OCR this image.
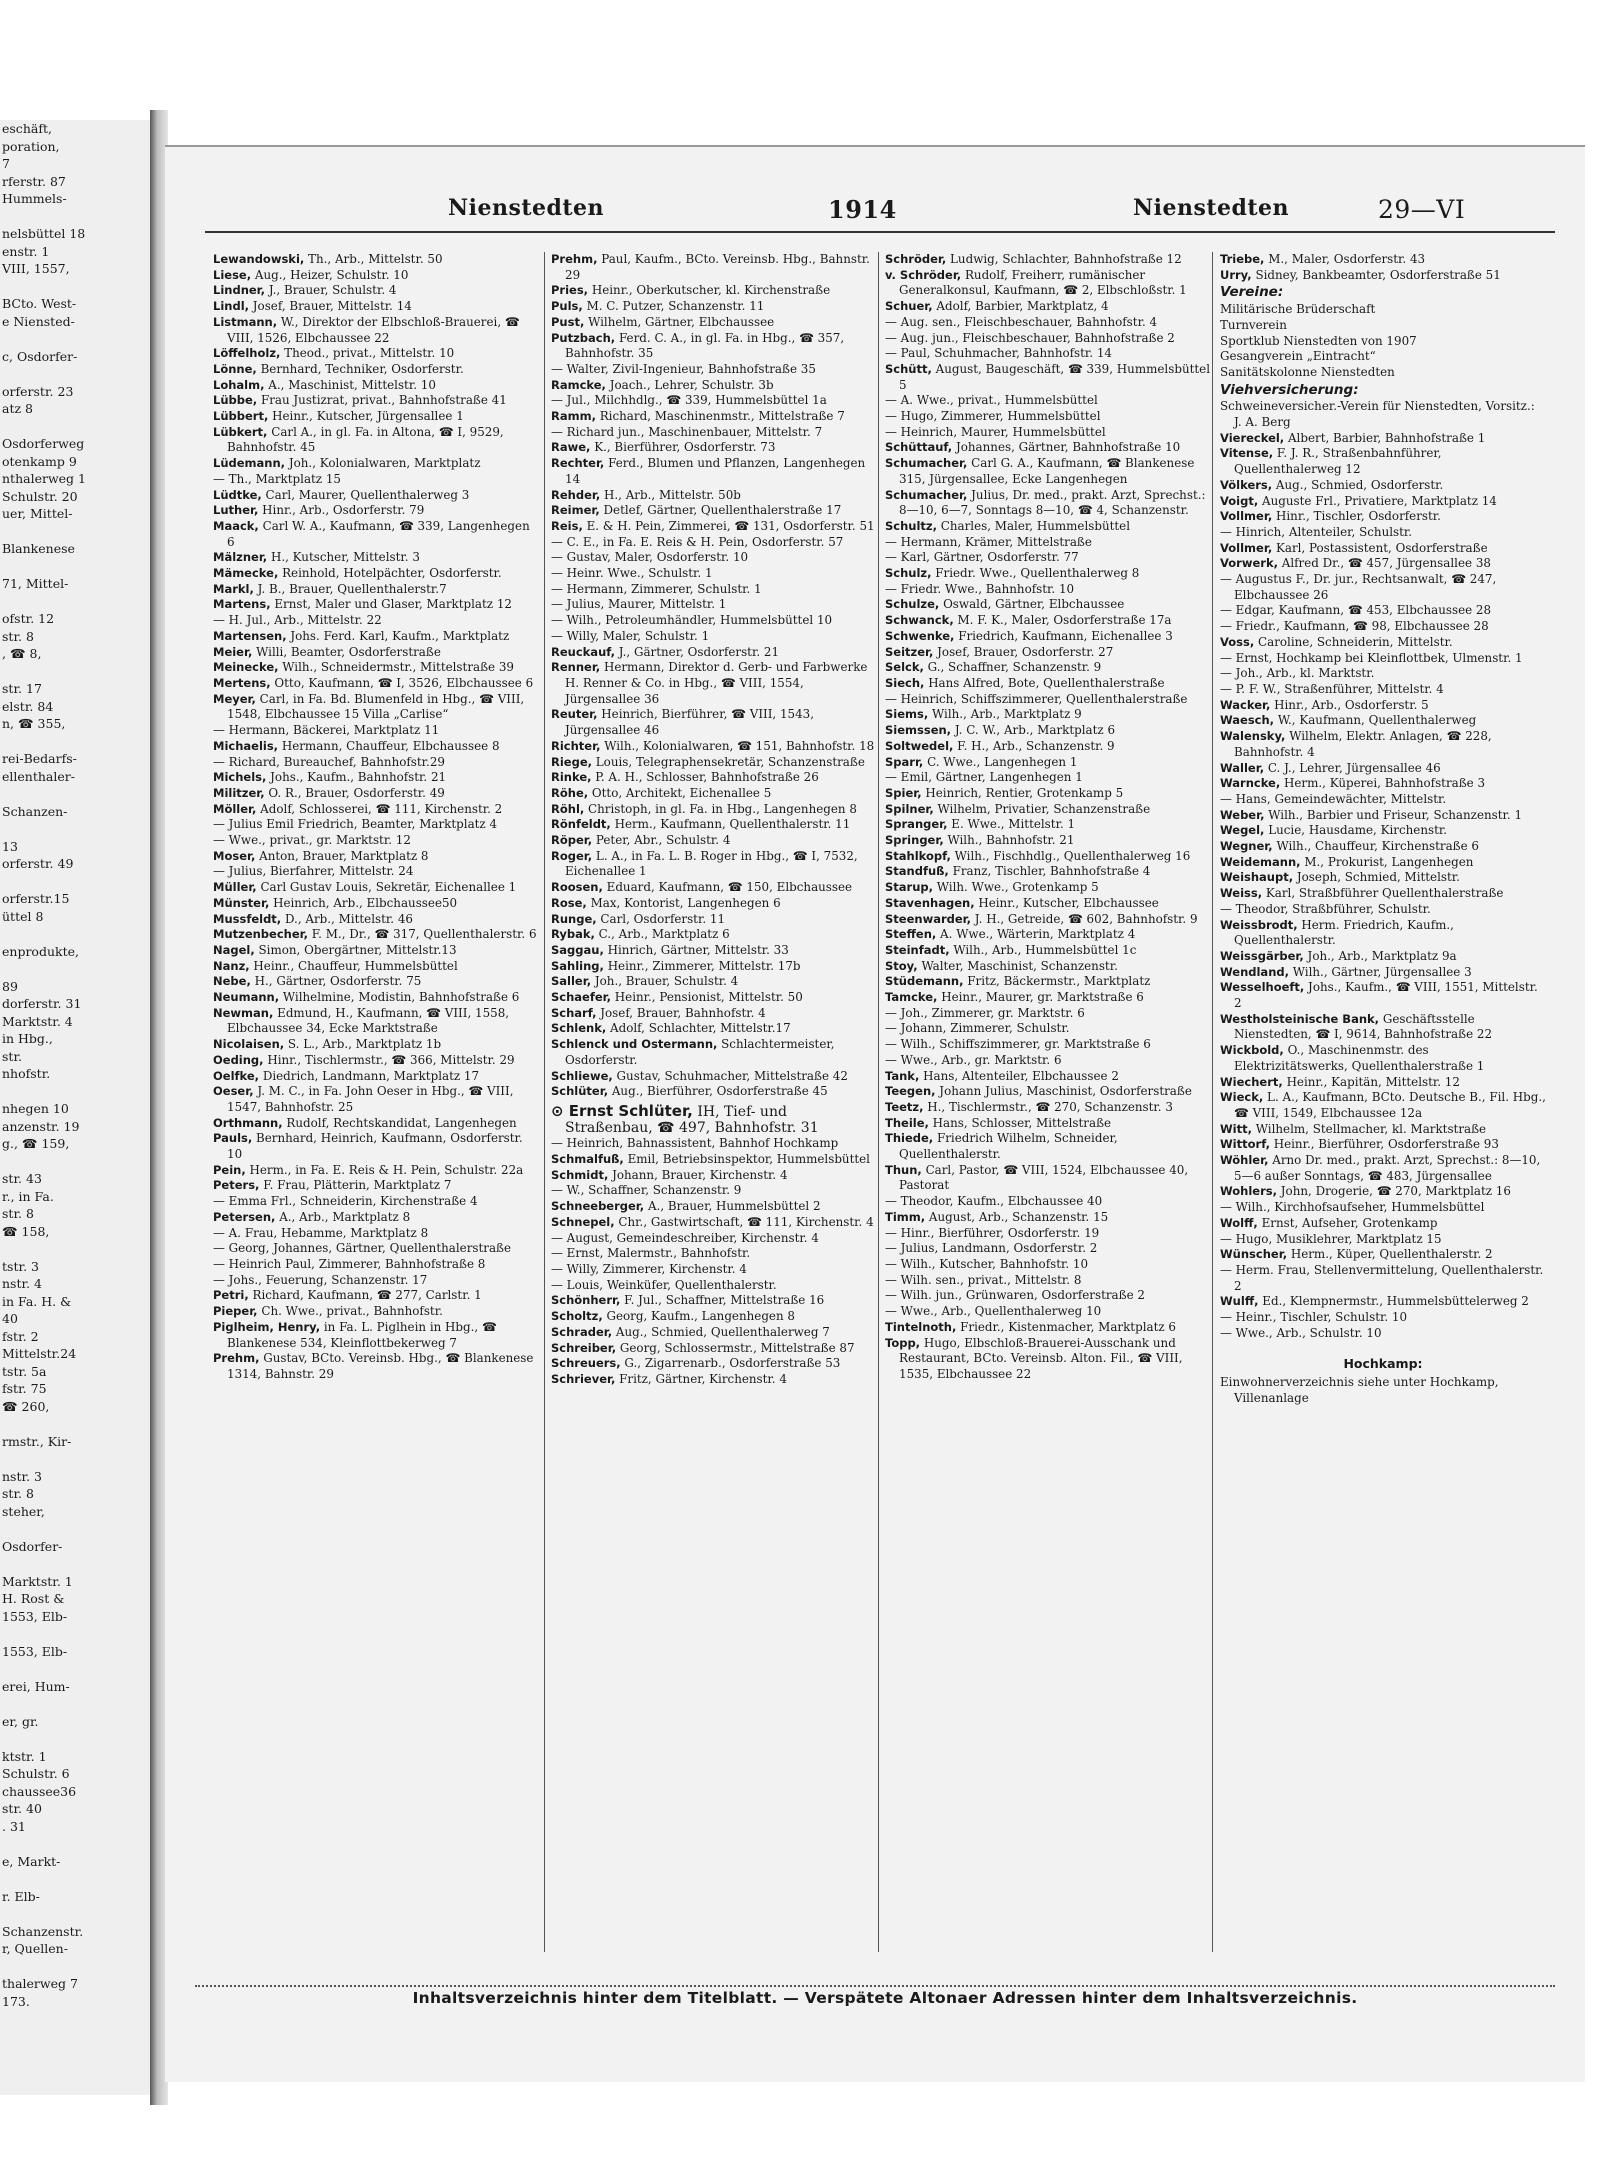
eschäft,
poration,
7
rferstr. 87
Hummels-

nelsbüttel 18
enstr. 1
VIII, 1557,

BCto. West-
e Niensted-

c, Osdorfer-

orferstr. 23
atz 8

Osdorferweg
otenkamp 9
nthalerweg 1
Schulstr. 20
uer, Mittel-

Blankenese

71, Mittel-

ofstr. 12
str. 8
, ☎ 8,

str. 17
elstr. 84
n, ☎ 355,

rei-Bedarfs-
ellenthaler-

Schanzen-

13
orferstr. 49

orferstr.15
üttel 8

enprodukte,

89
dorferstr. 31
Marktstr. 4
in Hbg.,
str.
nhofstr.

nhegen 10
anzenstr. 19
g., ☎ 159,

str. 43
r., in Fa.
str. 8
☎ 158,

tstr. 3
nstr. 4
in Fa. H. &
40
fstr. 2
Mittelstr.24
tstr. 5a
fstr. 75
☎ 260,

rmstr., Kir-

nstr. 3
str. 8
steher,

Osdorfer-

Marktstr. 1
H. Rost &
1553, Elb-

1553, Elb-

erei, Hum-

er, gr.

ktstr. 1
Schulstr. 6
chaussee36
str. 40
. 31

e, Markt-

r. Elb-

Schanzenstr.
r, Quellen-

thalerweg 7
173.
Nienstedten	1914	Nienstedten	29—VI

Lewandowski, Th., Arb., Mittelstr. 50

Liese, Aug., Heizer, Schulstr. 10

Lindner, J., Brauer, Schulstr. 4

Lindl, Josef, Brauer, Mittelstr. 14

Listmann, W., Direktor der Elbschloß-Brauerei, ☎ VIII, 1526, Elbchaussee 22

Löffelholz, Theod., privat., Mittelstr. 10

Lönne, Bernhard, Techniker, Osdorferstr.

Lohalm, A., Maschinist, Mittelstr. 10

Lübbe, Frau Justizrat, privat., Bahnhofstraße 41

Lübbert, Heinr., Kutscher, Jürgensallee 1

Lübkert, Carl A., in gl. Fa. in Altona, ☎ I, 9529, Bahnhofstr. 45

Lüdemann, Joh., Kolonialwaren, Marktplatz

— Th., Marktplatz 15

Lüdtke, Carl, Maurer, Quellenthalerweg 3

Luther, Hinr., Arb., Osdorferstr. 79

Maack, Carl W. A., Kaufmann, ☎ 339, Langenhegen 6

Mälzner, H., Kutscher, Mittelstr. 3

Mämecke, Reinhold, Hotelpächter, Osdorferstr.

Markl, J. B., Brauer, Quellenthalerstr.7

Martens, Ernst, Maler und Glaser, Marktplatz 12

— H. Jul., Arb., Mittelstr. 22

Martensen, Johs. Ferd. Karl, Kaufm., Marktplatz

Meier, Willi, Beamter, Osdorferstraße

Meinecke, Wilh., Schneidermstr., Mittelstraße 39

Mertens, Otto, Kaufmann, ☎ I, 3526, Elbchaussee 6

Meyer, Carl, in Fa. Bd. Blumenfeld in Hbg., ☎ VIII, 1548, Elbchaussee 15 Villa „Carlise“

— Hermann, Bäckerei, Marktplatz 11

Michaelis, Hermann, Chauffeur, Elbchaussee 8

— Richard, Bureauchef, Bahnhofstr.29

Michels, Johs., Kaufm., Bahnhofstr. 21

Militzer, O. R., Brauer, Osdorferstr. 49

Möller, Adolf, Schlosserei, ☎ 111, Kirchenstr. 2

— Julius Emil Friedrich, Beamter, Marktplatz 4

— Wwe., privat., gr. Marktstr. 12

Moser, Anton, Brauer, Marktplatz 8

— Julius, Bierfahrer, Mittelstr. 24

Müller, Carl Gustav Louis, Sekretär, Eichenallee 1

Münster, Heinrich, Arb., Elbchaussee50

Mussfeldt, D., Arb., Mittelstr. 46

Mutzenbecher, F. M., Dr., ☎ 317, Quellenthalerstr. 6

Nagel, Simon, Obergärtner, Mittelstr.13

Nanz, Heinr., Chauffeur, Hummelsbüttel

Nebe, H., Gärtner, Osdorferstr. 75

Neumann, Wilhelmine, Modistin, Bahnhofstraße 6

Newman, Edmund, H., Kaufmann, ☎ VIII, 1558, Elbchaussee 34, Ecke Marktstraße

Nicolaisen, S. L., Arb., Marktplatz 1b

Oeding, Hinr., Tischlermstr., ☎ 366, Mittelstr. 29

Oelfke, Diedrich, Landmann, Marktplatz 17

Oeser, J. M. C., in Fa. John Oeser in Hbg., ☎ VIII, 1547, Bahnhofstr. 25

Orthmann, Rudolf, Rechtskandidat, Langenhegen

Pauls, Bernhard, Heinrich, Kaufmann, Osdorferstr. 10

Pein, Herm., in Fa. E. Reis & H. Pein, Schulstr. 22a

Peters, F. Frau, Plätterin, Marktplatz 7

— Emma Frl., Schneiderin, Kirchenstraße 4

Petersen, A., Arb., Marktplatz 8

— A. Frau, Hebamme, Marktplatz 8

— Georg, Johannes, Gärtner, Quellenthalerstraße

— Heinrich Paul, Zimmerer, Bahnhofstraße 8

— Johs., Feuerung, Schanzenstr. 17

Petri, Richard, Kaufmann, ☎ 277, Carlstr. 1

Pieper, Ch. Wwe., privat., Bahnhofstr.

Piglheim, Henry, in Fa. L. Piglhein in Hbg., ☎ Blankenese 534, Kleinflottbekerweg 7

Prehm, Gustav, BCto. Vereinsb. Hbg., ☎ Blankenese 1314, Bahnstr. 29

Prehm, Paul, Kaufm., BCto. Vereinsb. Hbg., Bahnstr. 29

Pries, Heinr., Oberkutscher, kl. Kirchenstraße

Puls, M. C. Putzer, Schanzenstr. 11

Pust, Wilhelm, Gärtner, Elbchaussee

Putzbach, Ferd. C. A., in gl. Fa. in Hbg., ☎ 357, Bahnhofstr. 35

— Walter, Zivil-Ingenieur, Bahnhofstraße 35

Ramcke, Joach., Lehrer, Schulstr. 3b

— Jul., Milchhdlg., ☎ 339, Hummelsbüttel 1a

Ramm, Richard, Maschinenmstr., Mittelstraße 7

— Richard jun., Maschinenbauer, Mittelstr. 7

Rawe, K., Bierführer, Osdorferstr. 73

Rechter, Ferd., Blumen und Pflanzen, Langenhegen 14

Rehder, H., Arb., Mittelstr. 50b

Reimer, Detlef, Gärtner, Quellenthalerstraße 17

Reis, E. & H. Pein, Zimmerei, ☎ 131, Osdorferstr. 51

— C. E., in Fa. E. Reis & H. Pein, Osdorferstr. 57

— Gustav, Maler, Osdorferstr. 10

— Heinr. Wwe., Schulstr. 1

— Hermann, Zimmerer, Schulstr. 1

— Julius, Maurer, Mittelstr. 1

— Wilh., Petroleumhändler, Hummelsbüttel 10

— Willy, Maler, Schulstr. 1

Reuckauf, J., Gärtner, Osdorferstr. 21

Renner, Hermann, Direktor d. Gerb- und Farbwerke H. Renner & Co. in Hbg., ☎ VIII, 1554, Jürgensallee 36

Reuter, Heinrich, Bierführer, ☎ VIII, 1543, Jürgensallee 46

Richter, Wilh., Kolonialwaren, ☎ 151, Bahnhofstr. 18

Riege, Louis, Telegraphensekretär, Schanzenstraße

Rinke, P. A. H., Schlosser, Bahnhofstraße 26

Röhe, Otto, Architekt, Eichenallee 5

Röhl, Christoph, in gl. Fa. in Hbg., Langenhegen 8

Rönfeldt, Herm., Kaufmann, Quellenthalerstr. 11

Röper, Peter, Abr., Schulstr. 4

Roger, L. A., in Fa. L. B. Roger in Hbg., ☎ I, 7532, Eichenallee 1

Roosen, Eduard, Kaufmann, ☎ 150, Elbchaussee

Rose, Max, Kontorist, Langenhegen 6

Runge, Carl, Osdorferstr. 11

Rybak, C., Arb., Marktplatz 6

Saggau, Hinrich, Gärtner, Mittelstr. 33

Sahling, Heinr., Zimmerer, Mittelstr. 17b

Saller, Joh., Brauer, Schulstr. 4

Schaefer, Heinr., Pensionist, Mittelstr. 50

Scharf, Josef, Brauer, Bahnhofstr. 4

Schlenk, Adolf, Schlachter, Mittelstr.17

Schlenck und Ostermann, Schlachtermeister, Osdorferstr.

Schliewe, Gustav, Schuhmacher, Mittelstraße 42

Schlüter, Aug., Bierführer, Osdorferstraße 45

⊙ Ernst Schlüter, IH, Tief- und Straßenbau, ☎ 497, Bahnhofstr. 31

— Heinrich, Bahnassistent, Bahnhof Hochkamp

Schmalfuß, Emil, Betriebsinspektor, Hummelsbüttel

Schmidt, Johann, Brauer, Kirchenstr. 4

— W., Schaffner, Schanzenstr. 9

Schneeberger, A., Brauer, Hummelsbüttel 2

Schnepel, Chr., Gastwirtschaft, ☎ 111, Kirchenstr. 4

— August, Gemeindeschreiber, Kirchenstr. 4

— Ernst, Malermstr., Bahnhofstr.

— Willy, Zimmerer, Kirchenstr. 4

— Louis, Weinküfer, Quellenthalerstr.

Schönherr, F. Jul., Schaffner, Mittelstraße 16

Scholtz, Georg, Kaufm., Langenhegen 8

Schrader, Aug., Schmied, Quellenthalerweg 7

Schreiber, Georg, Schlossermstr., Mittelstraße 87

Schreuers, G., Zigarrenarb., Osdorferstraße 53

Schriever, Fritz, Gärtner, Kirchenstr. 4

Schröder, Ludwig, Schlachter, Bahnhofstraße 12

v. Schröder, Rudolf, Freiherr, rumänischer Generalkonsul, Kaufmann, ☎ 2, Elbschloßstr. 1

Schuer, Adolf, Barbier, Marktplatz, 4

— Aug. sen., Fleischbeschauer, Bahnhofstr. 4

— Aug. jun., Fleischbeschauer, Bahnhofstraße 2

— Paul, Schuhmacher, Bahnhofstr. 14

Schütt, August, Baugeschäft, ☎ 339, Hummelsbüttel 5

— A. Wwe., privat., Hummelsbüttel

— Hugo, Zimmerer, Hummelsbüttel

— Heinrich, Maurer, Hummelsbüttel

Schüttauf, Johannes, Gärtner, Bahnhofstraße 10

Schumacher, Carl G. A., Kaufmann, ☎ Blankenese 315, Jürgensallee, Ecke Langenhegen

Schumacher, Julius, Dr. med., prakt. Arzt, Sprechst.: 8—10, 6—7, Sonntags 8—10, ☎ 4, Schanzenstr.

Schultz, Charles, Maler, Hummelsbüttel

— Hermann, Krämer, Mittelstraße

— Karl, Gärtner, Osdorferstr. 77

Schulz, Friedr. Wwe., Quellenthalerweg 8

— Friedr. Wwe., Bahnhofstr. 10

Schulze, Oswald, Gärtner, Elbchaussee

Schwanck, M. F. K., Maler, Osdorferstraße 17a

Schwenke, Friedrich, Kaufmann, Eichenallee 3

Seitzer, Josef, Brauer, Osdorferstr. 27

Selck, G., Schaffner, Schanzenstr. 9

Siech, Hans Alfred, Bote, Quellenthalerstraße

— Heinrich, Schiffszimmerer, Quellenthalerstraße

Siems, Wilh., Arb., Marktplatz 9

Siemssen, J. C. W., Arb., Marktplatz 6

Soltwedel, F. H., Arb., Schanzenstr. 9

Sparr, C. Wwe., Langenhegen 1

— Emil, Gärtner, Langenhegen 1

Spier, Heinrich, Rentier, Grotenkamp 5

Spilner, Wilhelm, Privatier, Schanzenstraße

Spranger, E. Wwe., Mittelstr. 1

Springer, Wilh., Bahnhofstr. 21

Stahlkopf, Wilh., Fischhdlg., Quellenthalerweg 16

Standfuß, Franz, Tischler, Bahnhofstraße 4

Starup, Wilh. Wwe., Grotenkamp 5

Stavenhagen, Heinr., Kutscher, Elbchaussee

Steenwarder, J. H., Getreide, ☎ 602, Bahnhofstr. 9

Steffen, A. Wwe., Wärterin, Marktplatz 4

Steinfadt, Wilh., Arb., Hummelsbüttel 1c

Stoy, Walter, Maschinist, Schanzenstr.

Stüdemann, Fritz, Bäckermstr., Marktplatz

Tamcke, Heinr., Maurer, gr. Marktstraße 6

— Joh., Zimmerer, gr. Marktstr. 6

— Johann, Zimmerer, Schulstr.

— Wilh., Schiffszimmerer, gr. Marktstraße 6

— Wwe., Arb., gr. Marktstr. 6

Tank, Hans, Altenteiler, Elbchaussee 2

Teegen, Johann Julius, Maschinist, Osdorferstraße

Teetz, H., Tischlermstr., ☎ 270, Schanzenstr. 3

Theile, Hans, Schlosser, Mittelstraße

Thiede, Friedrich Wilhelm, Schneider, Quellenthalerstr.

Thun, Carl, Pastor, ☎ VIII, 1524, Elbchaussee 40, Pastorat

— Theodor, Kaufm., Elbchaussee 40

Timm, August, Arb., Schanzenstr. 15

— Hinr., Bierführer, Osdorferstr. 19

— Julius, Landmann, Osdorferstr. 2

— Wilh., Kutscher, Bahnhofstr. 10

— Wilh. sen., privat., Mittelstr. 8

— Wilh. jun., Grünwaren, Osdorferstraße 2

— Wwe., Arb., Quellenthalerweg 10

Tintelnoth, Friedr., Kistenmacher, Marktplatz 6

Topp, Hugo, Elbschloß-Brauerei-Ausschank und Restaurant, BCto. Vereinsb. Alton. Fil., ☎ VIII, 1535, Elbchaussee 22

Triebe, M., Maler, Osdorferstr. 43

Urry, Sidney, Bankbeamter, Osdorferstraße 51

Vereine:

Militärische Brüderschaft

Turnverein

Sportklub Nienstedten von 1907

Gesangverein „Eintracht“

Sanitätskolonne Nienstedten

Viehversicherung:

Schweineversicher.-Verein für Nienstedten, Vorsitz.: J. A. Berg

Viereckel, Albert, Barbier, Bahnhofstraße 1

Vitense, F. J. R., Straßenbahnführer, Quellenthalerweg 12

Völkers, Aug., Schmied, Osdorferstr.

Voigt, Auguste Frl., Privatiere, Marktplatz 14

Vollmer, Hinr., Tischler, Osdorferstr.

— Hinrich, Altenteiler, Schulstr.

Vollmer, Karl, Postassistent, Osdorferstraße

Vorwerk, Alfred Dr., ☎ 457, Jürgensallee 38

— Augustus F., Dr. jur., Rechtsanwalt, ☎ 247, Elbchaussee 26

— Edgar, Kaufmann, ☎ 453, Elbchaussee 28

— Friedr., Kaufmann, ☎ 98, Elbchaussee 28

Voss, Caroline, Schneiderin, Mittelstr.

— Ernst, Hochkamp bei Kleinflottbek, Ulmenstr. 1

— Joh., Arb., kl. Marktstr.

— P. F. W., Straßenführer, Mittelstr. 4

Wacker, Hinr., Arb., Osdorferstr. 5

Waesch, W., Kaufmann, Quellenthalerweg

Walensky, Wilhelm, Elektr. Anlagen, ☎ 228, Bahnhofstr. 4

Waller, C. J., Lehrer, Jürgensallee 46

Warncke, Herm., Küperei, Bahnhofstraße 3

— Hans, Gemeindewächter, Mittelstr.

Weber, Wilh., Barbier und Friseur, Schanzenstr. 1

Wegel, Lucie, Hausdame, Kirchenstr.

Wegner, Wilh., Chauffeur, Kirchenstraße 6

Weidemann, M., Prokurist, Langenhegen

Weishaupt, Joseph, Schmied, Mittelstr.

Weiss, Karl, Straßbführer Quellenthalerstraße

— Theodor, Straßbführer, Schulstr.

Weissbrodt, Herm. Friedrich, Kaufm., Quellenthalerstr.

Weissgärber, Joh., Arb., Marktplatz 9a

Wendland, Wilh., Gärtner, Jürgensallee 3

Wesselhoeft, Johs., Kaufm., ☎ VIII, 1551, Mittelstr. 2

Westholsteinische Bank, Geschäftsstelle Nienstedten, ☎ I, 9614, Bahnhofstraße 22

Wickbold, O., Maschinenmstr. des Elektrizitätswerks, Quellenthalerstraße 1

Wiechert, Heinr., Kapitän, Mittelstr. 12

Wieck, L. A., Kaufmann, BCto. Deutsche B., Fil. Hbg., ☎ VIII, 1549, Elbchaussee 12a

Witt, Wilhelm, Stellmacher, kl. Marktstraße

Wittorf, Heinr., Bierführer, Osdorferstraße 93

Wöhler, Arno Dr. med., prakt. Arzt, Sprechst.: 8—10, 5—6 außer Sonntags, ☎ 483, Jürgensallee

Wohlers, John, Drogerie, ☎ 270, Marktplatz 16

— Wilh., Kirchhofsaufseher, Hummelsbüttel

Wolff, Ernst, Aufseher, Grotenkamp

— Hugo, Musiklehrer, Marktplatz 15

Wünscher, Herm., Küper, Quellenthalerstr. 2

— Herm. Frau, Stellenvermittelung, Quellenthalerstr. 2

Wulff, Ed., Klempnermstr., Hummelsbüttelerweg 2

— Heinr., Tischler, Schulstr. 10

— Wwe., Arb., Schulstr. 10

Hochkamp:

Einwohnerverzeichnis siehe unter Hochkamp, Villenanlage

Inhaltsverzeichnis hinter dem Titelblatt. — Verspätete Altonaer Adressen hinter dem Inhaltsverzeichnis.
